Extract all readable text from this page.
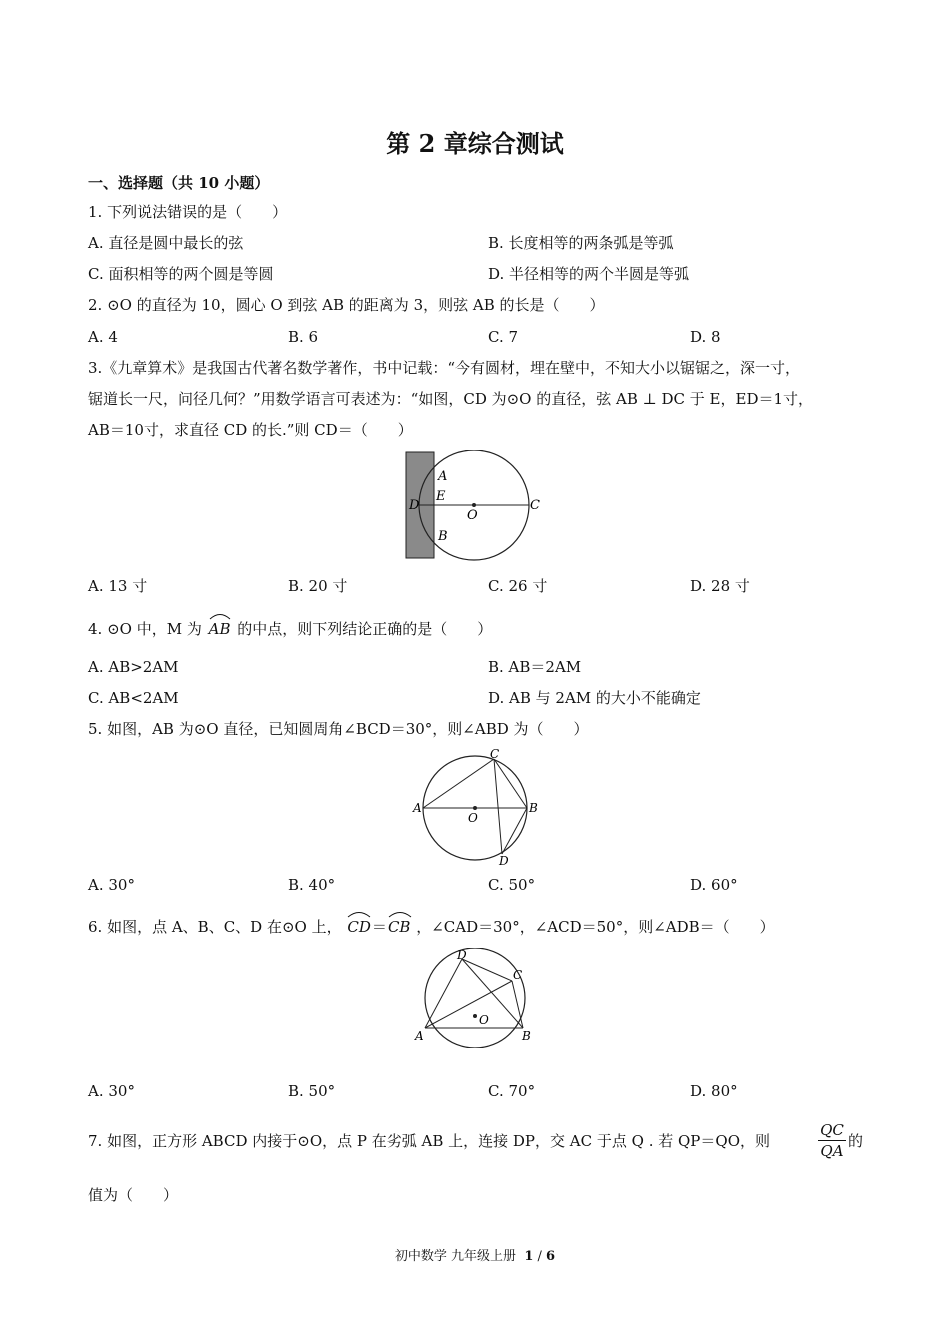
第 2 章综合测试
一、选择题（共 10 小题）
1. 下列说法错误的是（　　）
A. 直径是圆中最长的弦	B. 长度相等的两条弧是等弧
C. 面积相等的两个圆是等圆	D. 半径相等的两个半圆是等弧
2. ⊙O 的直径为 10，圆心 O 到弦 AB 的距离为 3，则弦 AB 的长是（　　）
A. 4	B. 6	C. 7	D. 8
3.《九章算术》是我国古代著名数学著作，书中记载：“今有圆材，埋在壁中，不知大小以锯锯之，深一寸，
锯道长一尺，问径几何？”用数学语言可表述为：“如图，CD 为⊙O 的直径，弦 AB ⊥ DC 于 E，ED＝1寸，
AB＝10寸，求直径 CD 的长.”则 CD＝（　　）
A
E
D
O
C
B
A. 13 寸	B. 20 寸	C. 26 寸	D. 28 寸
4. ⊙O 中，M 为 AB 的中点，则下列结论正确的是（　　）
A. AB>2AM	B. AB＝2AM
C. AB<2AM	D. AB 与 2AM 的大小不能确定
5. 如图，AB 为⊙O 直径，已知圆周角∠BCD＝30°，则∠ABD 为（　　）
C
A	B
O
D
A. 30°	B. 40°	C. 50°	D. 60°
6. 如图，点 A、B、C、D 在⊙O 上， CD＝
CB ，∠CAD＝30°，∠ACD＝50°，则∠ADB＝（　　）
D
C
O
A	B
A. 30°	B. 50°	C. 70°	D. 80°
7. 如图，正方形 ABCD 内接于⊙O，点 P 在劣弧 AB 上，连接 DP，交 AC 于点 Q . 若 QP＝QO，则	$\frac{QC}{QA}$ 的
值为（　　）
初中数学 九年级上册 1 / 6
